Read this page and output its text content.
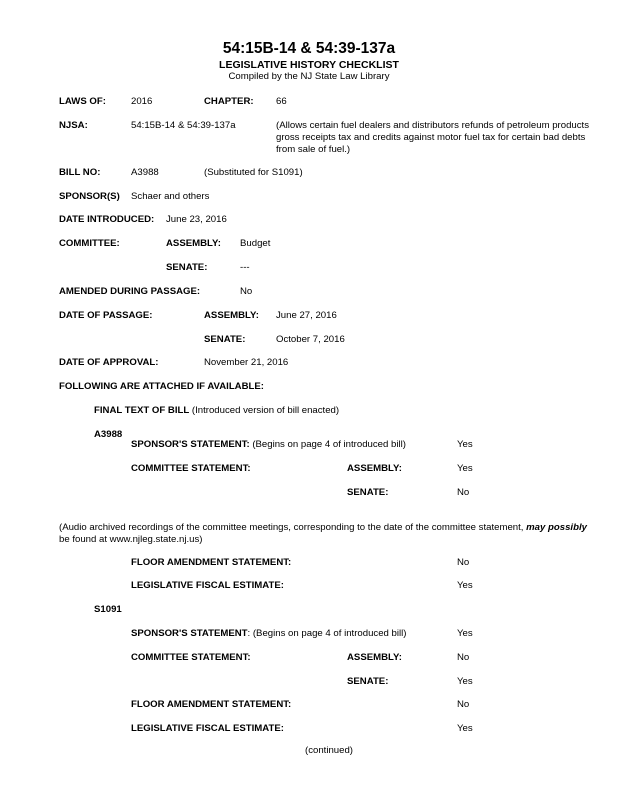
54:15B-14 & 54:39-137a
LEGISLATIVE HISTORY CHECKLIST
Compiled by the NJ State Law Library
LAWS OF:	2016	CHAPTER: 66
NJSA:	54:15B-14 & 54:39-137a	(Allows certain fuel dealers and distributors refunds of petroleum products gross receipts tax and credits against motor fuel tax for certain bad debts from sale of fuel.)
BILL NO:	A3988	(Substituted for S1091)
SPONSOR(S) Schaer and others
DATE INTRODUCED: June 23, 2016
COMMITTEE:	ASSEMBLY: Budget
SENATE:	---
AMENDED DURING PASSAGE:	No
DATE OF PASSAGE:	ASSEMBLY: June 27, 2016
SENATE:	October 7, 2016
DATE OF APPROVAL:	November 21, 2016
FOLLOWING ARE ATTACHED IF AVAILABLE:
FINAL TEXT OF BILL (Introduced version of bill enacted)
A3988
SPONSOR'S STATEMENT: (Begins on page 4 of introduced bill)	Yes
COMMITTEE STATEMENT:	ASSEMBLY:	Yes
SENATE:	No
(Audio archived recordings of the committee meetings, corresponding to the date of the committee statement, may possibly
be found at www.njleg.state.nj.us)
FLOOR AMENDMENT STATEMENT:	No
LEGISLATIVE FISCAL ESTIMATE:	Yes
S1091
SPONSOR'S STATEMENT: (Begins on page 4 of introduced bill)	Yes
COMMITTEE STATEMENT:	ASSEMBLY:	No
SENATE:	Yes
FLOOR AMENDMENT STATEMENT:	No
LEGISLATIVE FISCAL ESTIMATE:	Yes
(continued)
